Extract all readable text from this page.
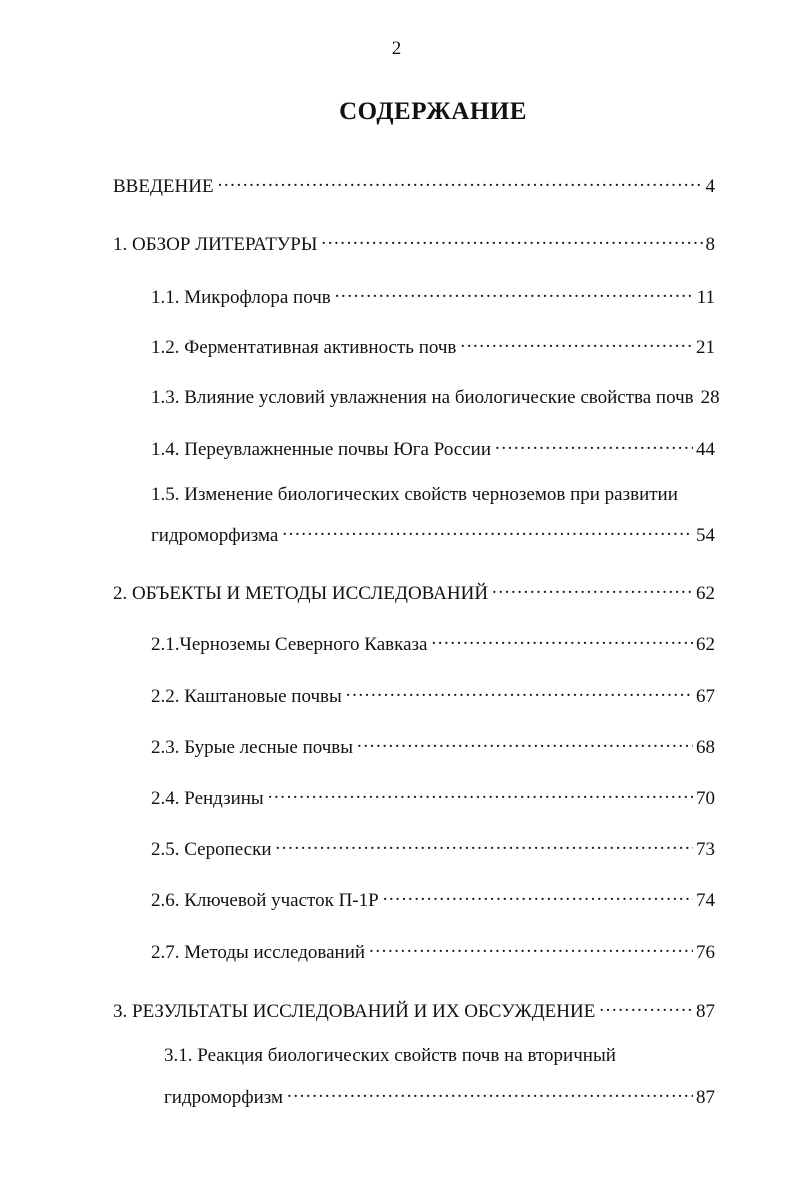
2
СОДЕРЖАНИЕ
ВВЕДЕНИЕ . . .	4
1. ОБЗОР ЛИТЕРАТУРЫ . . .	8
1.1. Микрофлора почв . . .	11
1.2. Ферментативная активность почв . . .	21
1.3. Влияние условий увлажнения на биологические свойства почв 28
1.4. Переувлажненные почвы Юга России . . .	44
1.5. Изменение биологических свойств черноземов при развитии
гидроморфизма . . .	54
2. ОБЪЕКТЫ И МЕТОДЫ ИССЛЕДОВАНИЙ . . .	62
2.1.Черноземы Северного Кавказа . . .	62
2.2. Каштановые почвы . . .	67
2.3. Бурые лесные почвы . . .	68
2.4. Рендзины . . .	70
2.5. Серопески . . .	73
2.6. Ключевой участок П-1Р . . .	74
2.7. Методы исследований . . .	76
3. РЕЗУЛЬТАТЫ ИССЛЕДОВАНИЙ И ИХ ОБСУЖДЕНИЕ . . .	87
3.1. Реакция биологических свойств почв на вторичный
гидроморфизм . . .	87
